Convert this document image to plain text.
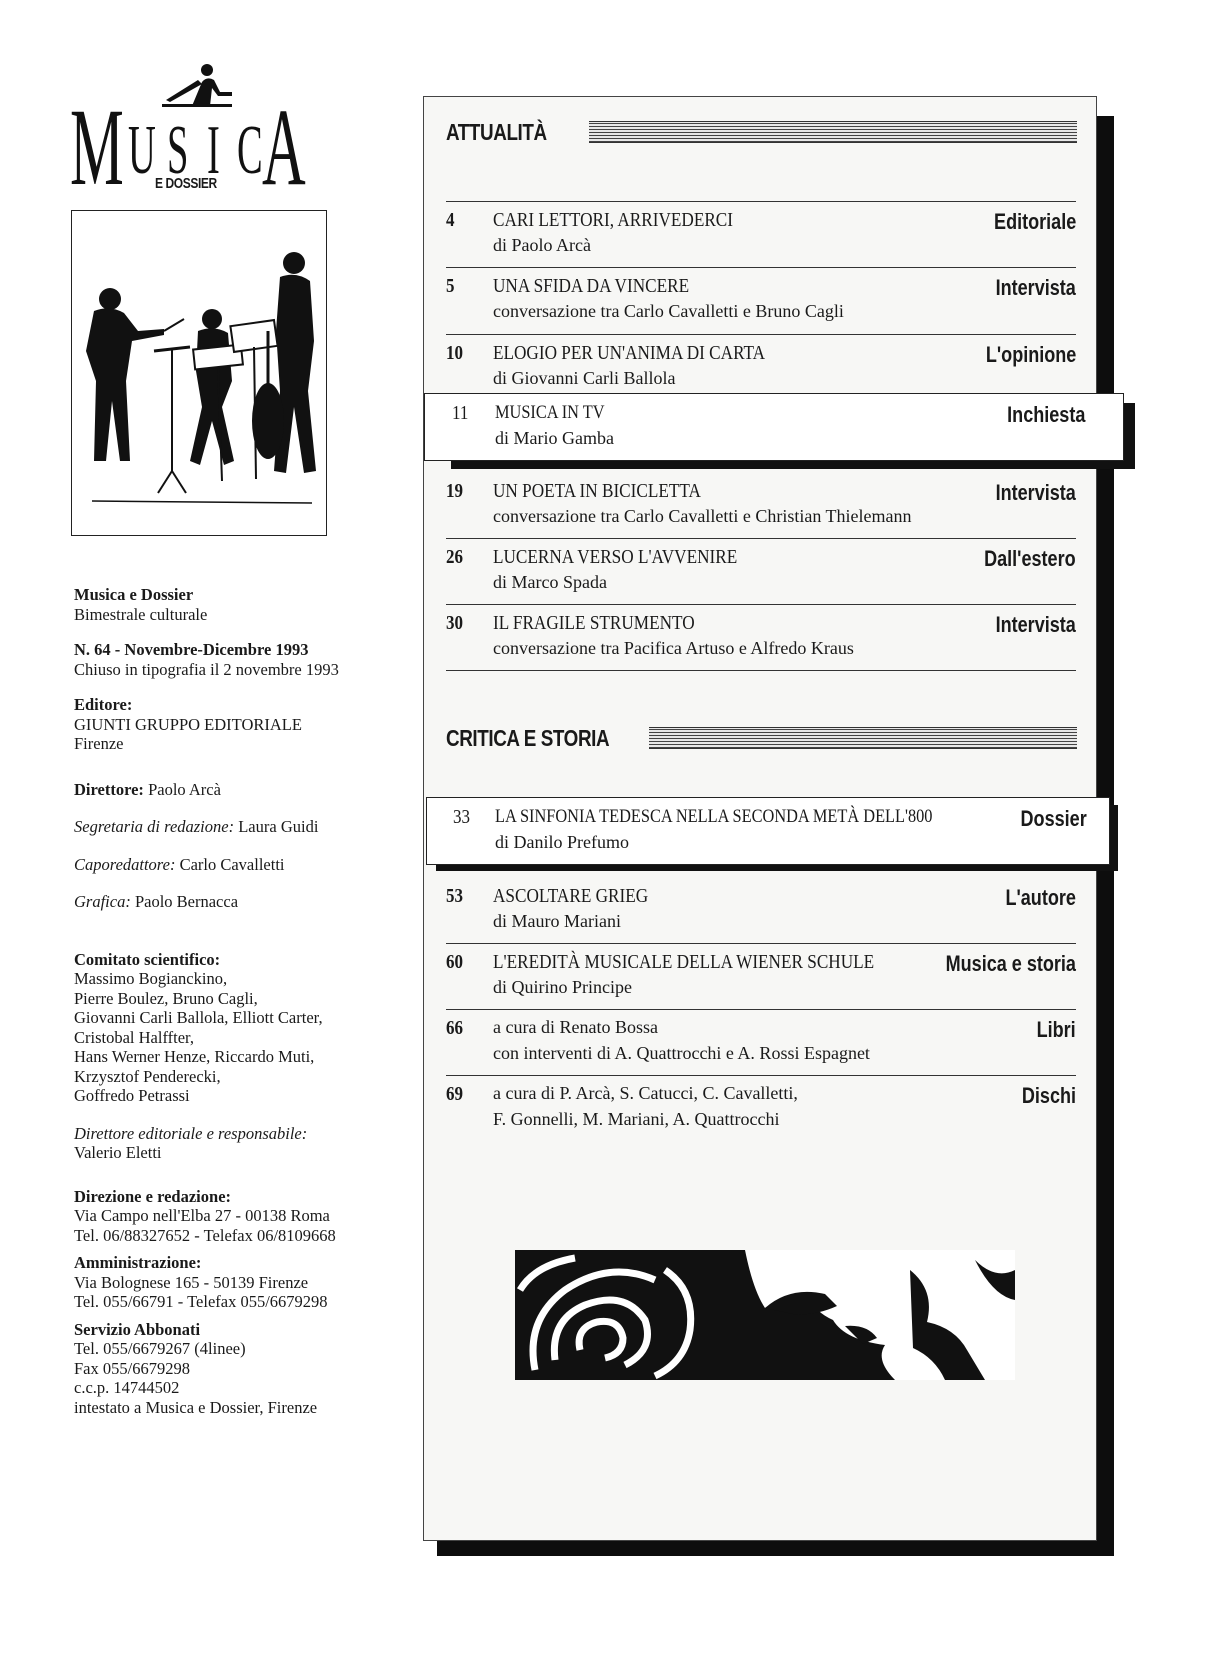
M U S I C A
E DOSSIER
Musica e Dossier
Bimestrale culturale
N. 64 - Novembre-Dicembre 1993
Chiuso in tipografia il 2 novembre 1993
Editore:
GIUNTI GRUPPO EDITORIALE
Firenze
Direttore: Paolo Arcà
Segretaria di redazione: Laura Guidi
Caporedattore: Carlo Cavalletti
Grafica: Paolo Bernacca
Comitato scientifico:
Massimo Bogianckino,
Pierre Boulez, Bruno Cagli,
Giovanni Carli Ballola, Elliott Carter,
Cristobal Halffter,
Hans Werner Henze, Riccardo Muti,
Krzysztof Penderecki,
Goffredo Petrassi
Direttore editoriale e responsabile:
Valerio Eletti
Direzione e redazione:
Via Campo nell'Elba 27 - 00138 Roma
Tel. 06/88327652 - Telefax 06/8109668
Amministrazione:
Via Bolognese 165 - 50139 Firenze
Tel. 055/66791 - Telefax 055/6679298
Servizio Abbonati
Tel. 055/6679267 (4linee)
Fax 055/6679298
c.c.p. 14744502
intestato a Musica e Dossier, Firenze
ATTUALITÀ
4 CARI LETTORI, ARRIVEDERCI
di Paolo Arcà
Editoriale
5 UNA SFIDA DA VINCERE
conversazione tra Carlo Cavalletti e Bruno Cagli
Intervista
10 ELOGIO PER UN'ANIMA DI CARTA
di Giovanni Carli Ballola
L'opinione
11 MUSICA IN TV
di Mario Gamba
Inchiesta
19 UN POETA IN BICICLETTA
conversazione tra Carlo Cavalletti e Christian Thielemann
Intervista
26 LUCERNA VERSO L'AVVENIRE
di Marco Spada
Dall'estero
30 IL FRAGILE STRUMENTO
conversazione tra Pacifica Artuso e Alfredo Kraus
Intervista
CRITICA E STORIA
33 LA SINFONIA TEDESCA NELLA SECONDA METÀ DELL'800
di Danilo Prefumo
Dossier
53 ASCOLTARE GRIEG
di Mauro Mariani
L'autore
60 L'EREDITÀ MUSICALE DELLA WIENER SCHULE
di Quirino Principe
Musica e storia
66 a cura di Renato Bossa
con interventi di A. Quattrocchi e A. Rossi Espagnet
Libri
69 a cura di P. Arcà, S. Catucci, C. Cavalletti,
F. Gonnelli, M. Mariani, A. Quattrocchi
Dischi
